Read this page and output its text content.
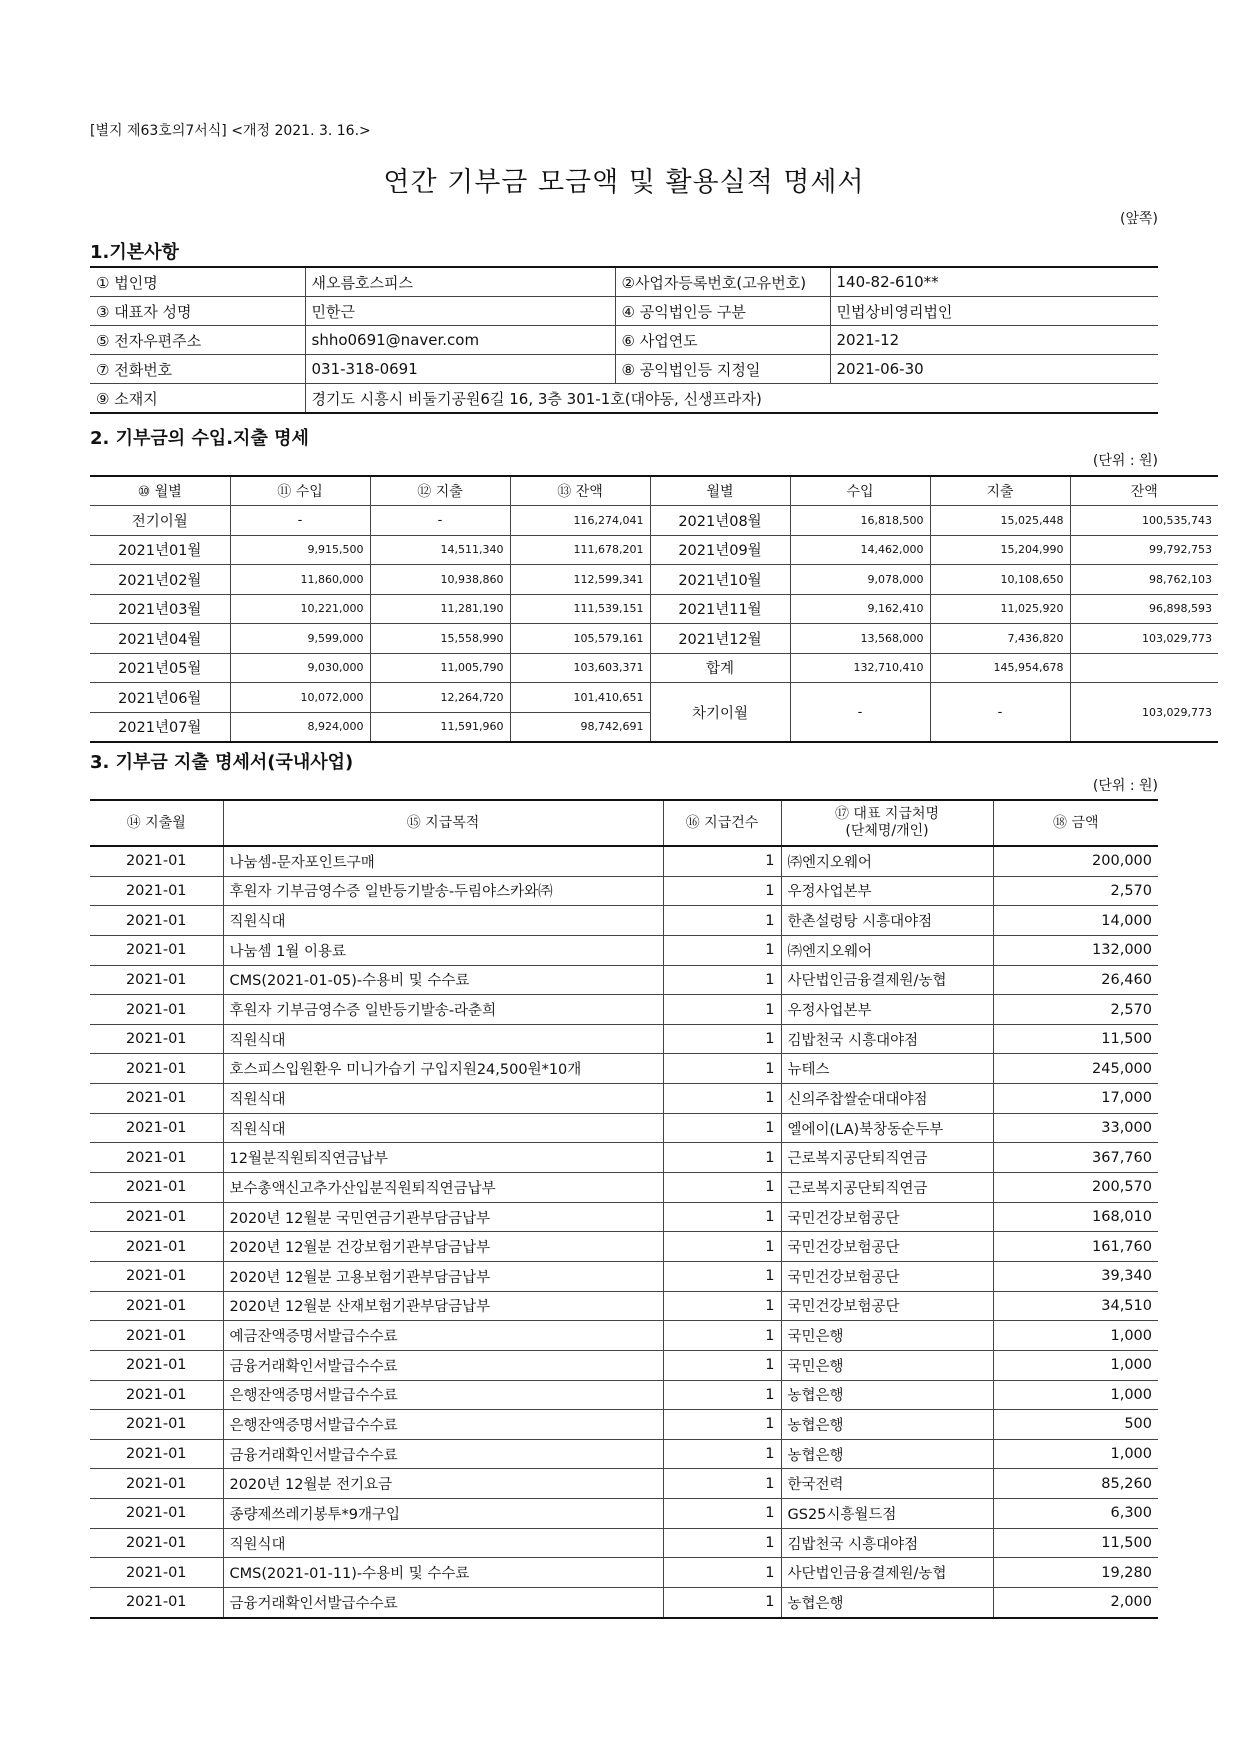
[별지 제63호의7서식] <개정 2021. 3. 16.>
연간 기부금 모금액 및 활용실적 명세서
(앞쪽)
1.기본사항
① 법인명	새오름호스피스	②사업자등록번호(고유번호)	140-82-610**
③ 대표자 성명	민한근	④ 공익법인등 구분	민법상비영리법인
⑤ 전자우편주소	shho0691@naver.com	⑥ 사업연도	2021-12
⑦ 전화번호	031-318-0691	⑧ 공익법인등 지정일	2021-06-30
⑨ 소재지	경기도 시흥시 비둘기공원6길 16, 3층 301-1호(대야동, 신생프라자)		
2. 기부금의 수입.지출 명세
(단위 : 원)
⑩ 월별	⑪ 수입	⑫ 지출	⑬ 잔액	월별	수입	지출	잔액
전기이월	-	-	116,274,041	2021년08월	16,818,500	15,025,448	100,535,743
2021년01월	9,915,500	14,511,340	111,678,201	2021년09월	14,462,000	15,204,990	99,792,753
2021년02월	11,860,000	10,938,860	112,599,341	2021년10월	9,078,000	10,108,650	98,762,103
2021년03월	10,221,000	11,281,190	111,539,151	2021년11월	9,162,410	11,025,920	96,898,593
2021년04월	9,599,000	15,558,990	105,579,161	2021년12월	13,568,000	7,436,820	103,029,773
2021년05월	9,030,000	11,005,790	103,603,371	합계	132,710,410	145,954,678	
2021년06월	10,072,000	12,264,720	101,410,651	차기이월	-	-	103,029,773
2021년07월	8,924,000	11,591,960	98,742,691				
3. 기부금 지출 명세서(국내사업)
(단위 : 원)
⑭ 지출월	⑮ 지급목적	⑯ 지급건수	⑰ 대표 지급처명
(단체명/개인)	⑱ 금액
2021-01	나눔셈-문자포인트구매	1	㈜엔지오웨어	200,000
2021-01	후원자 기부금영수증 일반등기발송-두림야스카와㈜	1	우정사업본부	2,570
2021-01	직원식대	1	한촌설렁탕 시흥대야점	14,000
2021-01	나눔셈 1월 이용료	1	㈜엔지오웨어	132,000
2021-01	CMS(2021-01-05)-수용비 및 수수료	1	사단법인금융결제원/농협	26,460
2021-01	후원자 기부금영수증 일반등기발송-라춘희	1	우정사업본부	2,570
2021-01	직원식대	1	김밥천국 시흥대야점	11,500
2021-01	호스피스입원환우 미니가습기 구입지원24,500원*10개	1	뉴테스	245,000
2021-01	직원식대	1	신의주찹쌀순대대야점	17,000
2021-01	직원식대	1	엘에이(LA)북창동순두부	33,000
2021-01	12월분직원퇴직연금납부	1	근로복지공단퇴직연금	367,760
2021-01	보수총액신고추가산입분직원퇴직연금납부	1	근로복지공단퇴직연금	200,570
2021-01	2020년 12월분 국민연금기관부담금납부	1	국민건강보험공단	168,010
2021-01	2020년 12월분 건강보험기관부담금납부	1	국민건강보험공단	161,760
2021-01	2020년 12월분 고용보험기관부담금납부	1	국민건강보험공단	39,340
2021-01	2020년 12월분 산재보험기관부담금납부	1	국민건강보험공단	34,510
2021-01	예금잔액증명서발급수수료	1	국민은행	1,000
2021-01	금융거래확인서발급수수료	1	국민은행	1,000
2021-01	은행잔액증명서발급수수료	1	농협은행	1,000
2021-01	은행잔액증명서발급수수료	1	농협은행	500
2021-01	금융거래확인서발급수수료	1	농협은행	1,000
2021-01	2020년 12월분 전기요금	1	한국전력	85,260
2021-01	종량제쓰레기봉투*9개구입	1	GS25시흥월드점	6,300
2021-01	직원식대	1	김밥천국 시흥대야점	11,500
2021-01	CMS(2021-01-11)-수용비 및 수수료	1	사단법인금융결제원/농협	19,280
2021-01	금융거래확인서발급수수료	1	농협은행	2,000
